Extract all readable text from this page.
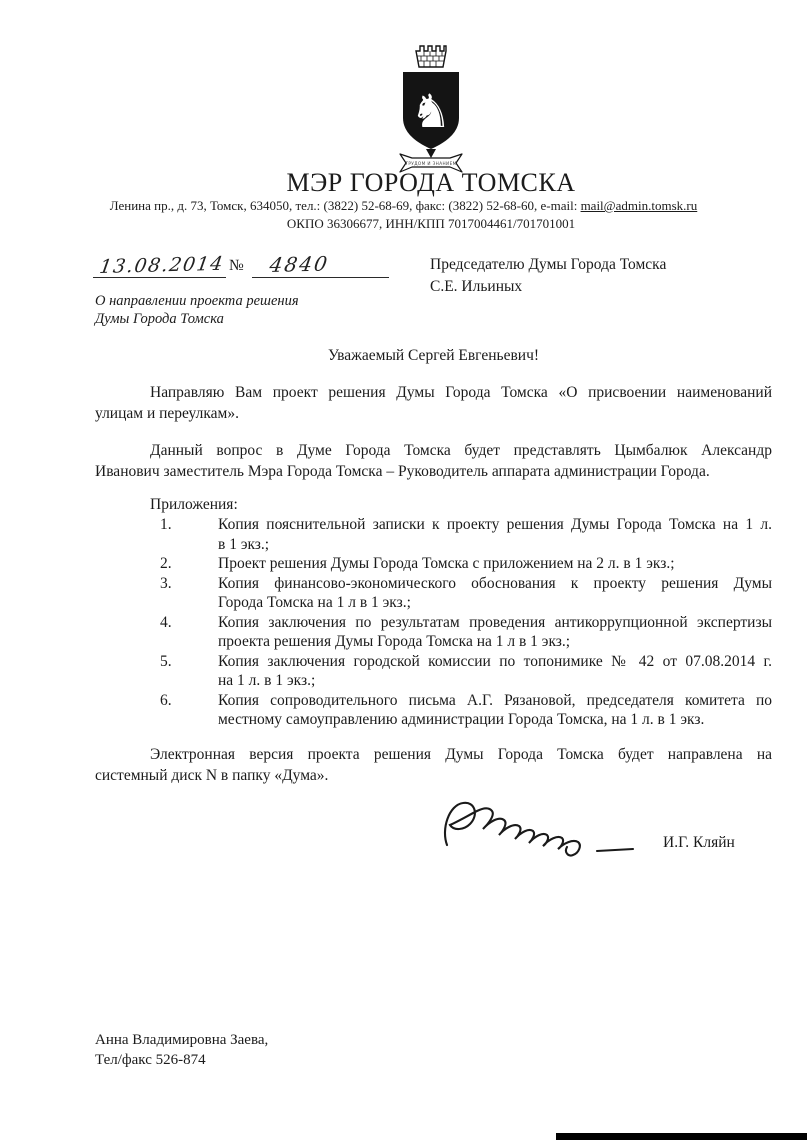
♞
ТРУДОМ И ЗНАНИЕМ
МЭР ГОРОДА ТОМСКА
Ленина пр., д. 73, Томск, 634050, тел.: (3822) 52-68-69, факс: (3822) 52-68-60, e-mail: mail@admin.tomsk.ru
ОКПО 36306677, ИНН/КПП 7017004461/701701001
13.08.2014 № 4840	Председателю Думы Города Томска
С.Е. Ильиных
О направлении проекта решения
Думы Города Томска
Уважаемый Сергей Евгеньевич!
Направляю Вам проект решения Думы Города Томска «О присвоении наименований
улицам и переулкам».
Данный вопрос в Думе Города Томска будет представлять Цымбалюк Александр
Иванович заместитель Мэра Города Томска – Руководитель аппарата администрации Города.
Приложения:
1.	Копия пояснительной записки к проекту решения Думы Города Томска на 1 л.
в 1 экз.;
2.	Проект решения Думы Города Томска с приложением на 2 л. в 1 экз.;
3.	Копия финансово-экономического обоснования к проекту решения Думы
Города Томска на 1 л в 1 экз.;
4.	Копия заключения по результатам проведения антикоррупционной экспертизы
проекта решения Думы Города Томска на 1 л в 1 экз.;
5.	Копия заключения городской комиссии по топонимике № 42 от 07.08.2014 г.
на 1 л. в 1 экз.;
6.	Копия сопроводительного письма А.Г. Рязановой, председателя комитета по
местному самоуправлению администрации Города Томска, на 1 л. в 1 экз.
Электронная версия проекта решения Думы Города Томска будет направлена на
системный диск N в папку «Дума».
И.Г. Кляйн
Анна Владимировна Заева,
Тел/факс 526-874
